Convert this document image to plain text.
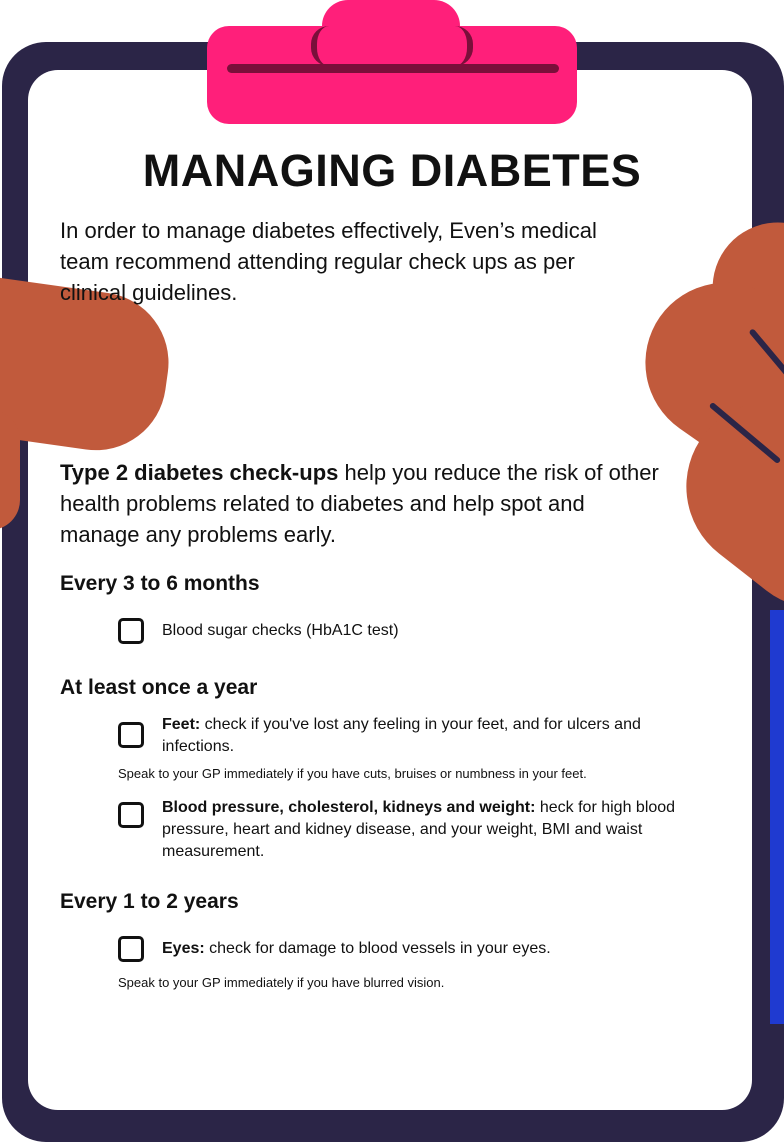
MANAGING DIABETES

In order to manage diabetes effectively, Even’s medical team recommend attending regular check ups as per clinical guidelines.

Type 2 diabetes check-ups help you reduce the risk of other health problems related to diabetes and help spot and manage any problems early.

Every 3 to 6 months
Blood sugar checks (HbA1C test)
At least once a year
Feet: check if you've lost any feeling in your feet, and for ulcers and infections.

Speak to your GP immediately if you have cuts, bruises or numbness in your feet.

Blood pressure, cholesterol, kidneys and weight: heck for high blood pressure, heart and kidney disease, and your weight, BMI and waist measurement.
Every 1 to 2 years
Eyes: check for damage to blood vessels in your eyes.

Speak to your GP immediately if you have blurred vision.
